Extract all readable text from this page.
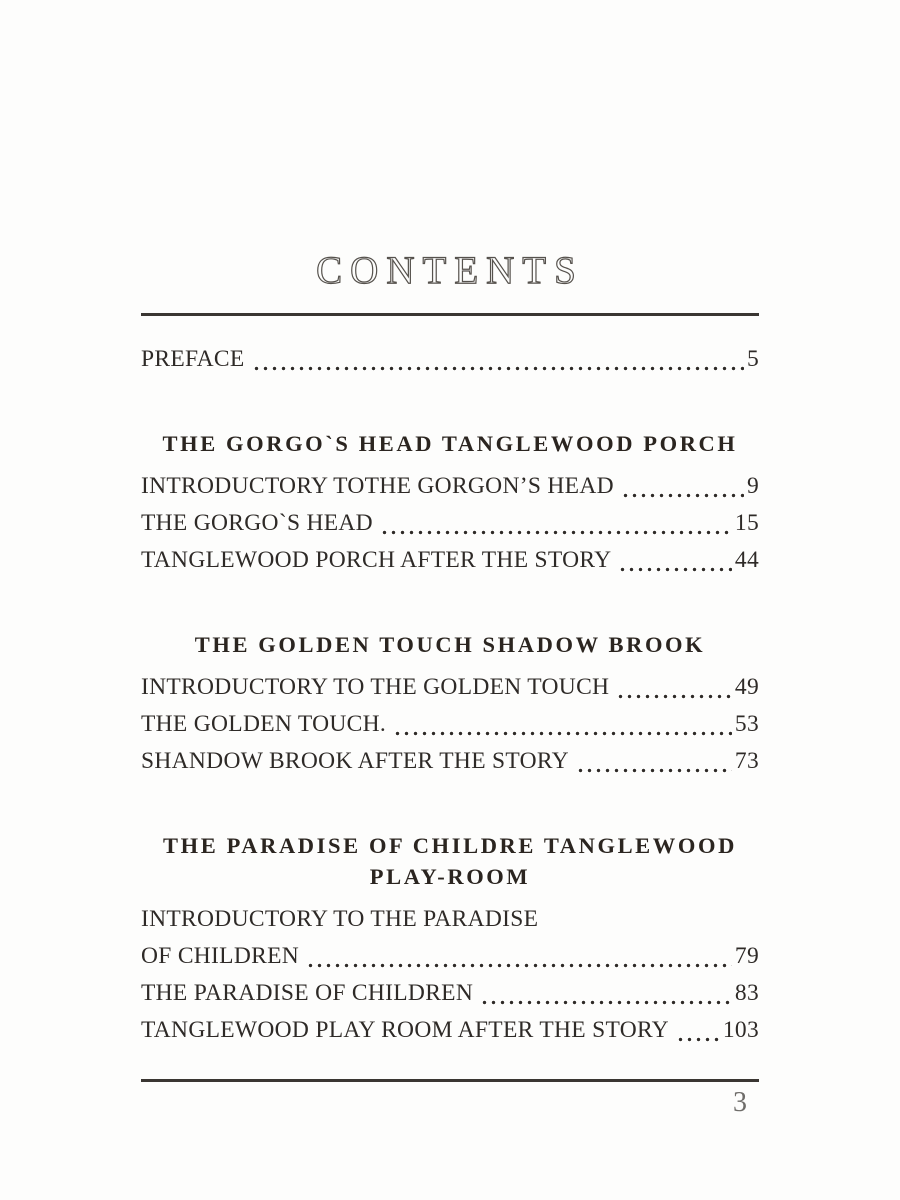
CONTENTS
PREFACE	5
THE GORGO`S HEAD TANGLEWOOD PORCH
INTRODUCTORY TOTHE GORGON’S HEAD	9
THE GORGO`S HEAD	15
TANGLEWOOD PORCH AFTER THE STORY	44
THE GOLDEN TOUCH SHADOW BROOK
INTRODUCTORY TO THE GOLDEN TOUCH	49
THE GOLDEN TOUCH.	53
SHANDOW BROOK AFTER THE STORY	73
THE PARADISE OF CHILDRE TANGLEWOOD PLAY-ROOM
INTRODUCTORY TO THE PARADISE
OF CHILDREN	79
THE PARADISE OF CHILDREN	83
TANGLEWOOD PLAY ROOM AFTER THE STORY 103
3
